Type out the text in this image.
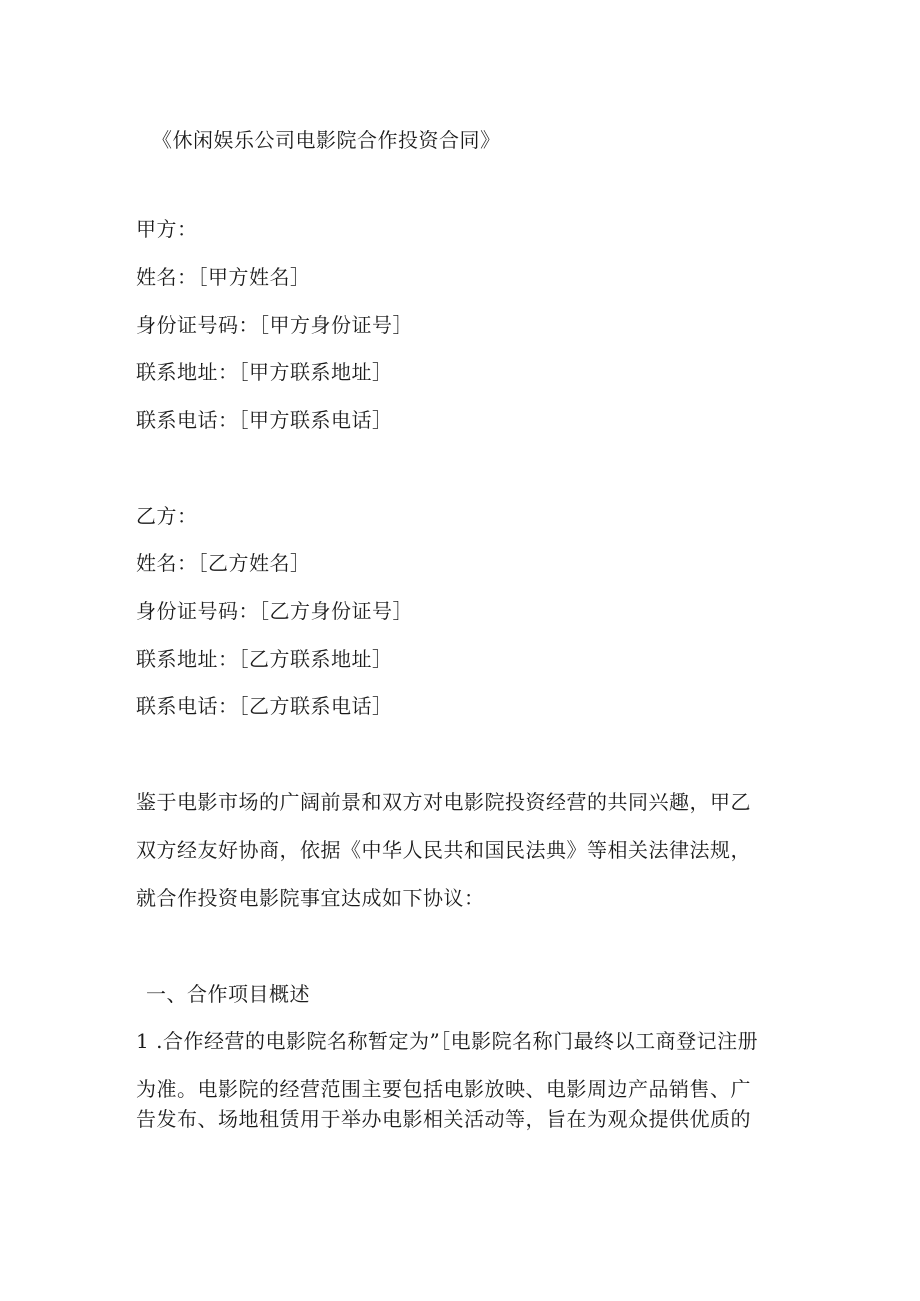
《休闲娱乐公司电影院合作投资合同》
甲方：
姓名：［甲方姓名］
身份证号码：［甲方身份证号］
联系地址：［甲方联系地址］
联系电话：［甲方联系电话］
乙方：
姓名：［乙方姓名］
身份证号码：［乙方身份证号］
联系地址：［乙方联系地址］
联系电话：［乙方联系电话］
鉴于电影市场的广阔前景和双方对电影院投资经营的共同兴趣，甲乙
双方经友好协商，依据《中华人民共和国民法典》等相关法律法规，
就合作投资电影院事宜达成如下协议：
一、合作项目概述
1 .合作经营的电影院名称暂定为”［电影院名称门最终以工商登记注册
为准。电影院的经营范围主要包括电影放映、电影周边产品销售、广
告发布、场地租赁用于举办电影相关活动等，旨在为观众提供优质的
